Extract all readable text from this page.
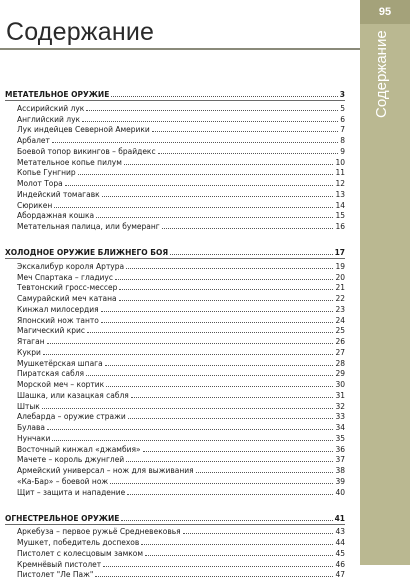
Содержание
95
Содержание
МЕТАТЕЛЬНОЕ ОРУЖИЕ	3
Ассирийский лук	5
Английский лук	6
Лук индейцев Северной Америки	7
Арбалет	8
Боевой топор викингов – брайдекс	9
Метательное копье пилум	10
Копье Гунгнир	11
Молот Тора	12
Индейский томагавк	13
Сюрикен	14
Абордажная кошка	15
Метательная палица, или бумеранг	16
ХОЛОДНОЕ ОРУЖИЕ БЛИЖНЕГО БОЯ	17
Экскалибур короля Артура	19
Меч Спартака – гладиус	20
Тевтонский гросс-мессер	21
Самурайский меч катана	22
Кинжал милосердия	23
Японский нож танто	24
Магический крис	25
Ятаган	26
Кукри	27
Мушкетёрская шпага	28
Пиратская сабля	29
Морской меч – кортик	30
Шашка, или казацкая сабля	31
Штык	32
Алебарда – оружие стражи	33
Булава	34
Нунчаки	35
Восточный кинжал «джамбия»	36
Мачете – король джунглей	37
Армейский универсал – нож для выживания	38
«Ка-Бар» – боевой нож	39
Щит – защита и нападение	40
ОГНЕСТРЕЛЬНОЕ ОРУЖИЕ	41
Аркебуза – первое ружьё Средневековья	43
Мушкет, победитель доспехов	44
Пистолет с колесцовым замком	45
Кремнёвый пистолет	46
Пистолет "Ле Паж"	47
